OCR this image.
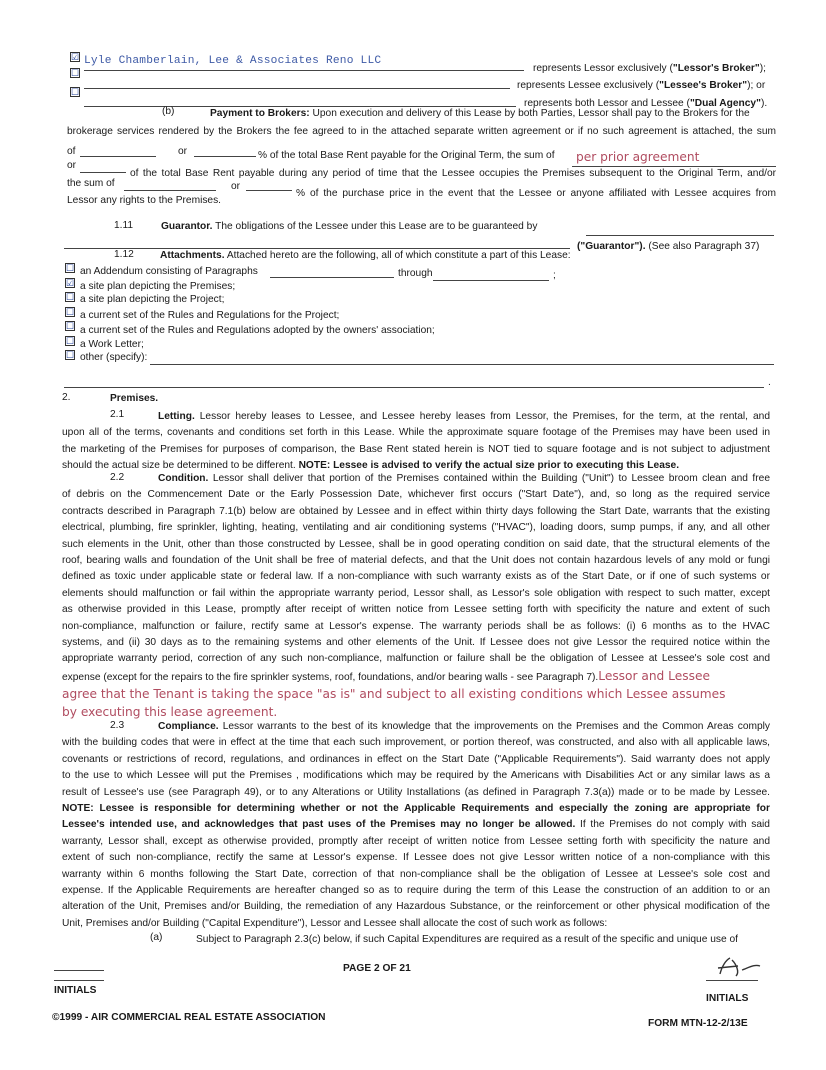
☑ Lyle Chamberlain, Lee & Associates Reno LLC
represents Lessor exclusively ("Lessor's Broker");
☐
represents Lessee exclusively ("Lessee's Broker"); or
☐
represents both Lessor and Lessee ("Dual Agency").
(b)	Payment to Brokers: Upon execution and delivery of this Lease by both Parties, Lessor shall pay to the Brokers for the
brokerage services rendered by the Brokers the fee agreed to in the attached separate written agreement or if no such agreement is attached, the sum
of	or	% of the total Base Rent payable for the Original Term, the sum of per prior agreement
or
of the total Base Rent payable during any period of time that the Lessee occupies the Premises subsequent to the Original Term, and/or
the sum of	or
% of the purchase price in the event that the Lessee or anyone affiliated with Lessee acquires from
Lessor any rights to the Premises.
1.11	Guarantor. The obligations of the Lessee under this Lease are to be guaranteed by
("Guarantor"). (See also Paragraph 37)
1.12	Attachments. Attached hereto are the following, all of which constitute a part of this Lease:
☐ an Addendum consisting of Paragraphs	through	;
☑ a site plan depicting the Premises;
☐ a site plan depicting the Project;
☐ a current set of the Rules and Regulations for the Project;
☐ a current set of the Rules and Regulations adopted by the owners' association;
☐ a Work Letter;
☐ other (specify):
.
2.	Premises.
2.1	Letting. Lessor hereby leases to Lessee, and Lessee hereby leases from Lessor, the Premises, for the term, at the rental, and
upon all of the terms, covenants and conditions set forth in this Lease. While the approximate square footage of the Premises may have been used in
the marketing of the Premises for purposes of comparison, the Base Rent stated herein is NOT tied to square footage and is not subject to adjustment
should the actual size be determined to be different. NOTE: Lessee is advised to verify the actual size prior to executing this Lease.
2.2	Condition. Lessor shall deliver that portion of the Premises contained within the Building ("Unit") to Lessee broom clean and free
of debris on the Commencement Date or the Early Possession Date, whichever first occurs ("Start Date"), and, so long as the required service
contracts described in Paragraph 7.1(b) below are obtained by Lessee and in effect within thirty days following the Start Date, warrants that the existing
electrical, plumbing, fire sprinkler, lighting, heating, ventilating and air conditioning systems ("HVAC"), loading doors, sump pumps, if any, and all other
such elements in the Unit, other than those constructed by Lessee, shall be in good operating condition on said date, that the structural elements of the
roof, bearing walls and foundation of the Unit shall be free of material defects, and that the Unit does not contain hazardous levels of any mold or fungi
defined as toxic under applicable state or federal law. If a non-compliance with such warranty exists as of the Start Date, or if one of such systems or
elements should malfunction or fail within the appropriate warranty period, Lessor shall, as Lessor's sole obligation with respect to such matter, except
as otherwise provided in this Lease, promptly after receipt of written notice from Lessee setting forth with specificity the nature and extent of such
non-compliance, malfunction or failure, rectify same at Lessor's expense. The warranty periods shall be as follows: (i) 6 months as to the HVAC
systems, and (ii) 30 days as to the remaining systems and other elements of the Unit. If Lessee does not give Lessor the required notice within the
appropriate warranty period, correction of any such non-compliance, malfunction or failure shall be the obligation of Lessee at Lessee's sole cost and
expense (except for the repairs to the fire sprinkler systems, roof, foundations, and/or bearing walls - see Paragraph 7).Lessor and Lessee
agree that the Tenant is taking the space "as is" and subject to all existing conditions which Lessee assumes
by executing this lease agreement.
2.3	Compliance. Lessor warrants to the best of its knowledge that the improvements on the Premises and the Common Areas comply
with the building codes that were in effect at the time that each such improvement, or portion thereof, was constructed, and also with all applicable laws,
covenants or restrictions of record, regulations, and ordinances in effect on the Start Date ("Applicable Requirements"). Said warranty does not apply
to the use to which Lessee will put the Premises , modifications which may be required by the Americans with Disabilities Act or any similar laws as a
result of Lessee's use (see Paragraph 49), or to any Alterations or Utility Installations (as defined in Paragraph 7.3(a)) made or to be made by Lessee.
NOTE: Lessee is responsible for determining whether or not the Applicable Requirements and especially the zoning are appropriate for
Lessee's intended use, and acknowledges that past uses of the Premises may no longer be allowed. If the Premises do not comply with said
warranty, Lessor shall, except as otherwise provided, promptly after receipt of written notice from Lessee setting forth with specificity the nature and
extent of such non-compliance, rectify the same at Lessor's expense. If Lessee does not give Lessor written notice of a non-compliance with this
warranty within 6 months following the Start Date, correction of that non-compliance shall be the obligation of Lessee at Lessee's sole cost and
expense. If the Applicable Requirements are hereafter changed so as to require during the term of this Lease the construction of an addition to or an
alteration of the Unit, Premises and/or Building, the remediation of any Hazardous Substance, or the reinforcement or other physical modification of the
Unit, Premises and/or Building ("Capital Expenditure"), Lessor and Lessee shall allocate the cost of such work as follows:
(a)	Subject to Paragraph 2.3(c) below, if such Capital Expenditures are required as a result of the specific and unique use of
INITIALS
PAGE 2 OF 21
INITIALS
©1999 - AIR COMMERCIAL REAL ESTATE ASSOCIATION
FORM MTN-12-2/13E
